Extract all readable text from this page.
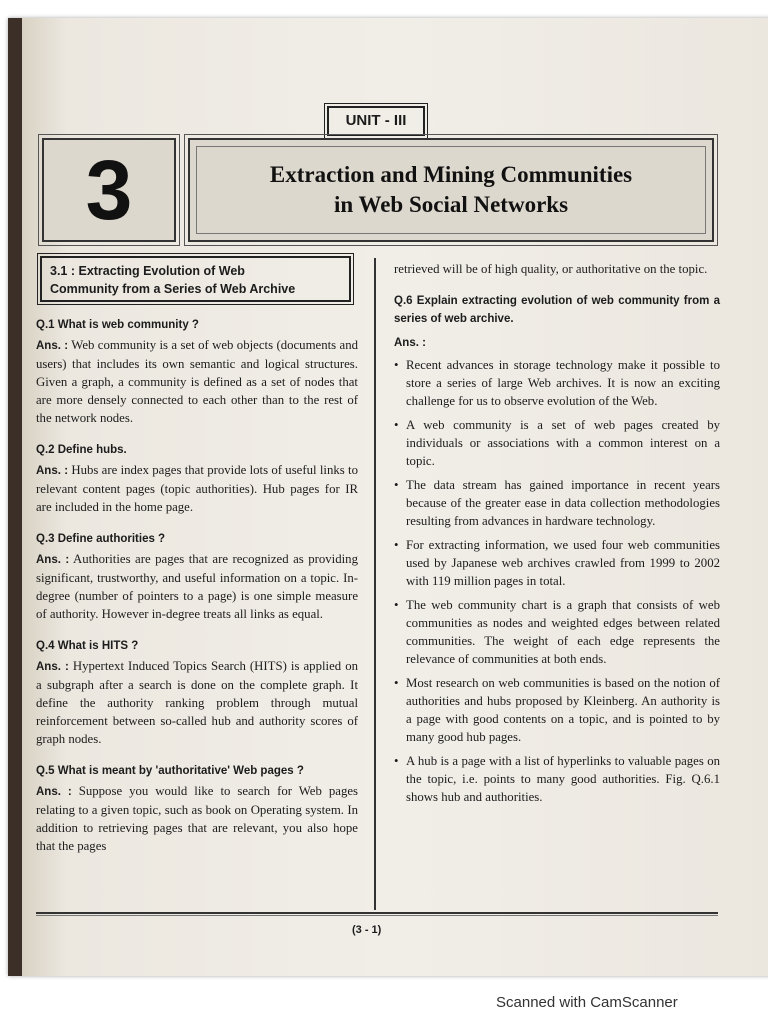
UNIT - III
3	Extraction and Mining Communities
in Web Social Networks
3.1 : Extracting Evolution of Web
Community from a Series of Web Archive
Q.1 What is web community ?
Ans. : Web community is a set of web objects (documents and users) that includes its own semantic and logical structures. Given a graph, a community is defined as a set of nodes that are more densely connected to each other than to the rest of the network nodes.
Q.2 Define hubs.
Ans. : Hubs are index pages that provide lots of useful links to relevant content pages (topic authorities). Hub pages for IR are included in the home page.
Q.3 Define authorities ?
Ans. : Authorities are pages that are recognized as providing significant, trustworthy, and useful information on a topic. In-degree (number of pointers to a page) is one simple measure of authority. However in-degree treats all links as equal.
Q.4 What is HITS ?
Ans. : Hypertext Induced Topics Search (HITS) is applied on a subgraph after a search is done on the complete graph. It define the authority ranking problem through mutual reinforcement between so-called hub and authority scores of graph nodes.
Q.5 What is meant by 'authoritative' Web pages ?
Ans. : Suppose you would like to search for Web pages relating to a given topic, such as book on Operating system. In addition to retrieving pages that are relevant, you also hope that the pages
retrieved will be of high quality, or authoritative on the topic.
Q.6 Explain extracting evolution of web community from a series of web archive.
Ans. :
• Recent advances in storage technology make it possible to store a series of large Web archives. It is now an exciting challenge for us to observe evolution of the Web.
• A web community is a set of web pages created by individuals or associations with a common interest on a topic.
• The data stream has gained importance in recent years because of the greater ease in data collection methodologies resulting from advances in hardware technology.
• For extracting information, we used four web communities used by Japanese web archives crawled from 1999 to 2002 with 119 million pages in total.
• The web community chart is a graph that consists of web communities as nodes and weighted edges between related communities. The weight of each edge represents the relevance of communities at both ends.
• Most research on web communities is based on the notion of authorities and hubs proposed by Kleinberg. An authority is a page with good contents on a topic, and is pointed to by many good hub pages.
• A hub is a page with a list of hyperlinks to valuable pages on the topic, i.e. points to many good authorities. Fig. Q.6.1 shows hub and authorities.
(3 - 1)
Scanned with CamScanner
